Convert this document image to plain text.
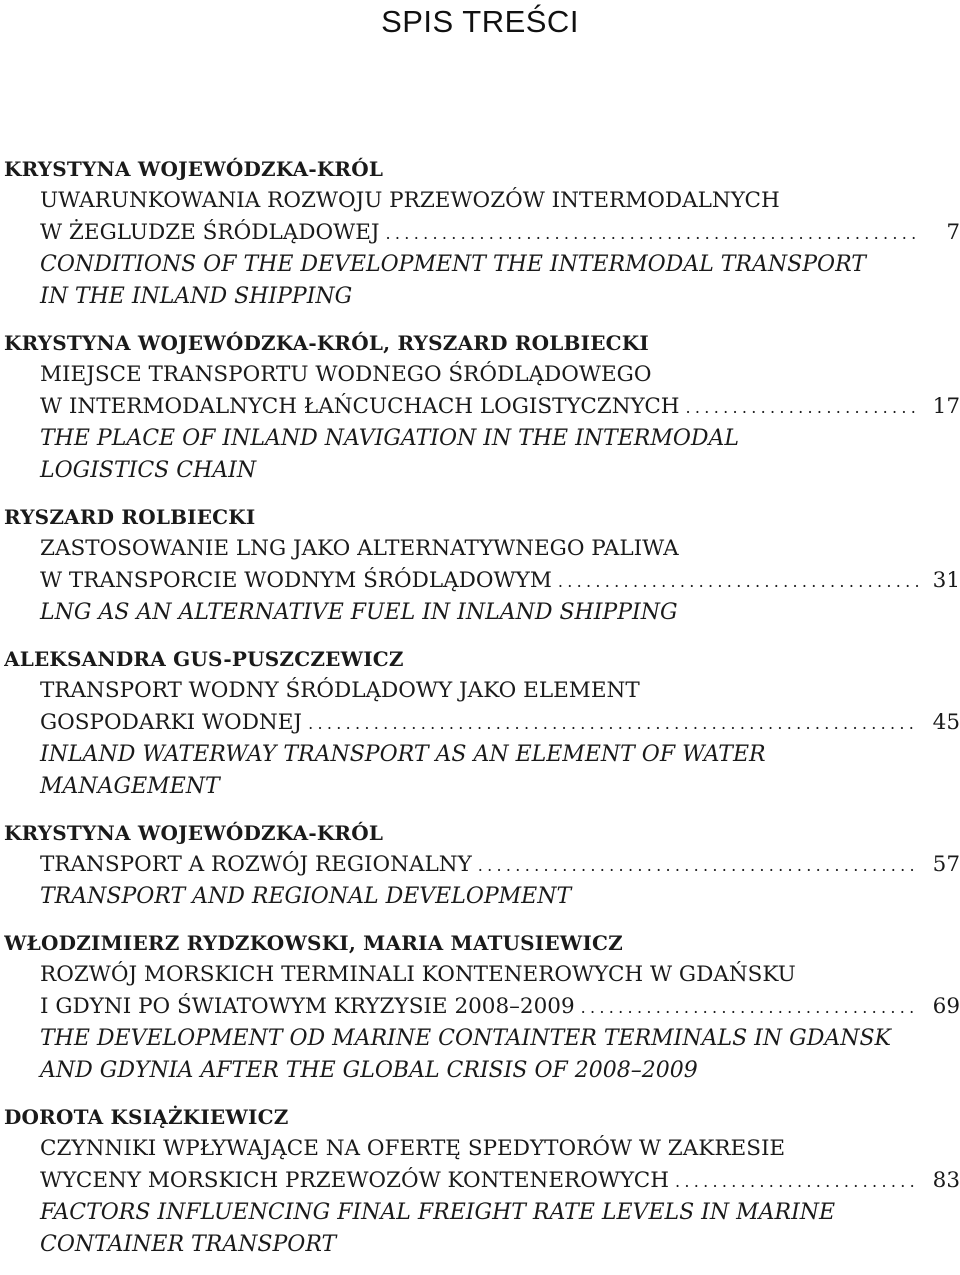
SPIS TREŚCI
KRYSTYNA WOJEWÓDZKA-KRÓL
UWARUNKOWANIA ROZWOJU PRZEWOZÓW INTERMODALNYCH
W ŻEGLUDZE ŚRÓDLĄDOWEJ .....	7
CONDITIONS OF THE DEVELOPMENT THE INTERMODAL TRANSPORT
IN THE INLAND SHIPPING
KRYSTYNA WOJEWÓDZKA-KRÓL, RYSZARD ROLBIECKI
MIEJSCE TRANSPORTU WODNEGO ŚRÓDLĄDOWEGO
W INTERMODALNYCH ŁAŃCUCHACH LOGISTYCZNYCH .....	17
THE PLACE OF INLAND NAVIGATION IN THE INTERMODAL
LOGISTICS CHAIN
RYSZARD ROLBIECKI
ZASTOSOWANIE LNG JAKO ALTERNATYWNEGO PALIWA
W TRANSPORCIE WODNYM ŚRÓDLĄDOWYM .....	31
LNG AS AN ALTERNATIVE FUEL IN INLAND SHIPPING
ALEKSANDRA GUS-PUSZCZEWICZ
TRANSPORT WODNY ŚRÓDLĄDOWY JAKO ELEMENT
GOSPODARKI WODNEJ .....	45
INLAND WATERWAY TRANSPORT AS AN ELEMENT OF WATER
MANAGEMENT
KRYSTYNA WOJEWÓDZKA-KRÓL
TRANSPORT A ROZWÓJ REGIONALNY .....	57
TRANSPORT AND REGIONAL DEVELOPMENT
WŁODZIMIERZ RYDZKOWSKI, MARIA MATUSIEWICZ
ROZWÓJ MORSKICH TERMINALI KONTENEROWYCH W GDAŃSKU
I GDYNI PO ŚWIATOWYM KRYZYSIE 2008–2009 .....	69
THE DEVELOPMENT OD MARINE CONTAINTER TERMINALS IN GDANSK
AND GDYNIA AFTER THE GLOBAL CRISIS OF 2008–2009
DOROTA KSIĄŻKIEWICZ
CZYNNIKI WPŁYWAJĄCE NA OFERTĘ SPEDYTORÓW W ZAKRESIE
WYCENY MORSKICH PRZEWOZÓW KONTENEROWYCH .....	83
FACTORS INFLUENCING FINAL FREIGHT RATE LEVELS IN MARINE
CONTAINER TRANSPORT
